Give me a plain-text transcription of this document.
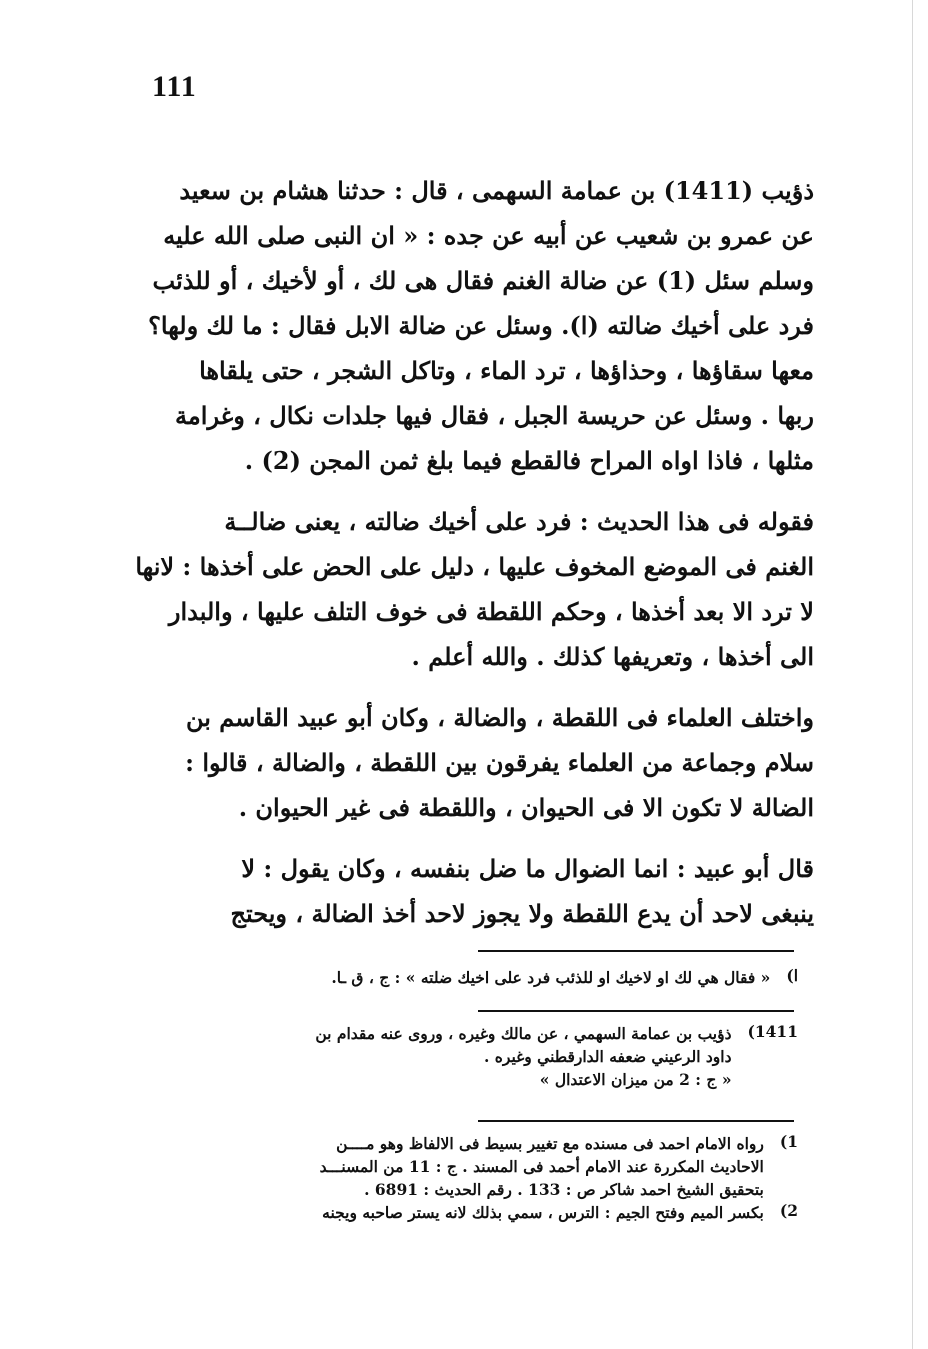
111

ذؤيب (1411) بن عمامة السهمى ، قال : حدثنا هشام بن سعيد
عن عمرو بن شعيب عن أبيه عن جده : « ان النبى صلى الله عليه
وسلم سئل (1) عن ضالة الغنم فقال هى لك ، أو لأخيك ، أو للذئب
فرد على أخيك ضالته (ا). وسئل عن ضالة الابل فقال : ما لك ولها؟
معها سقاؤها ، وحذاؤها ، ترد الماء ، وتاكل الشجر ، حتى يلقاها
ربها . وسئل عن حريسة الجبل ، فقال فيها جلدات نكال ، وغرامة
مثلها ، فاذا اواه المراح فالقطع فيما بلغ ثمن المجن (2) .

فقوله فى هذا الحديث : فرد على أخيك ضالته ، يعنى ضالــة
الغنم فى الموضع المخوف عليها ، دليل على الحض على أخذها : لانها
لا ترد الا بعد أخذها ، وحكم اللقطة فى خوف التلف عليها ، والبدار
الى أخذها ، وتعريفها كذلك . والله أعلم .

واختلف العلماء فى اللقطة ، والضالة ، وكان أبو عبيد القاسم بن
سلام وجماعة من العلماء يفرقون بين اللقطة ، والضالة ، قالوا :
الضالة لا تكون الا فى الحيوان ، واللقطة فى غير الحيوان .

قال أبو عبيد : انما الضوال ما ضل بنفسه ، وكان يقول : لا
ينبغى لاحد أن يدع اللقطة ولا يجوز لاحد أخذ الضالة ، ويحتج

ا)
« فقال هي لك او لاخيك او للذئب فرد على اخيك ضلته » : ج ، ق ـا.
1411)
ذؤيب بن عمامة السهمي ، عن مالك وغيره ، وروى عنه مقدام بن
داود الرعيني ضعفه الدارقطني وغيره .
« ج : 2 من ميزان الاعتدال »
1)
رواه الامام احمد فى مسنده مع تغيير بسيط فى الالفاظ وهو مــــن
الاحاديث المكررة عند الامام أحمد فى المسند . ج : 11 من المسنـــد
بتحقيق الشيخ احمد شاكر ص : 133 . رقم الحديث : 6891 .
2)
بكسر الميم وفتح الجيم : الترس ، سمي بذلك لانه يستر صاحبه ويجنه
